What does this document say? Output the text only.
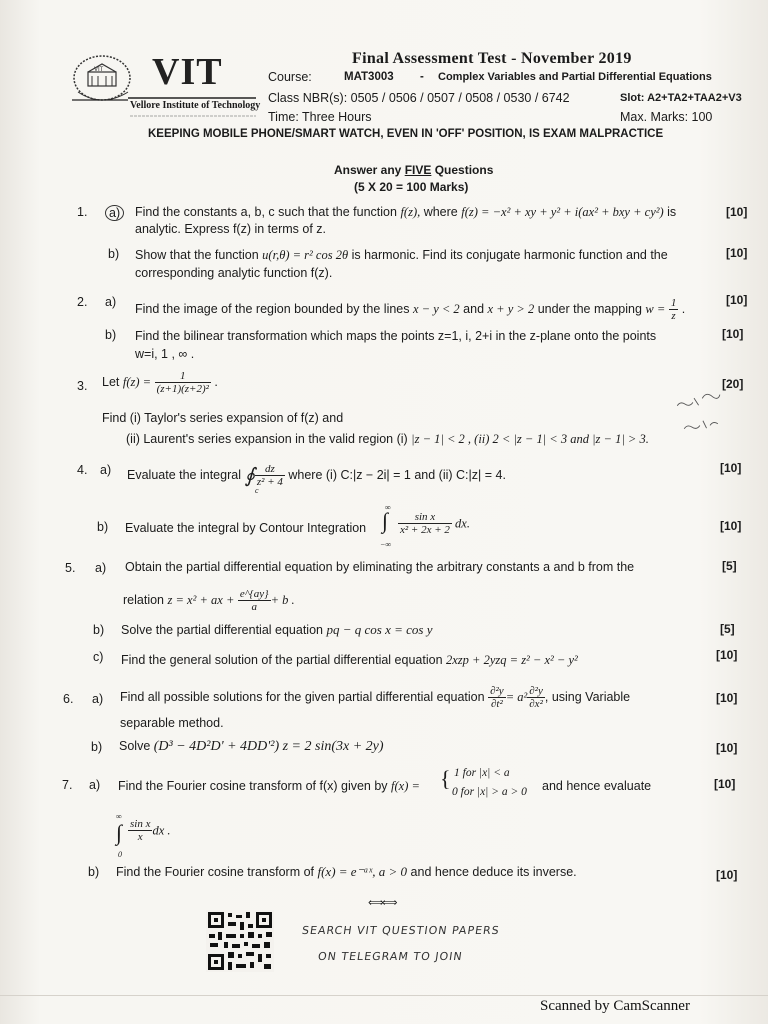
VIT VIT
Vellore Institute of Technology
Final Assessment Test - November 2019
Course:	MAT3003 - Complex Variables and Partial Differential Equations
Class NBR(s): 0505 / 0506 / 0507 / 0508 / 0530 / 6742	Slot: A2+TA2+TAA2+V3
Time: Three Hours	Max. Marks: 100
KEEPING MOBILE PHONE/SMART WATCH, EVEN IN 'OFF' POSITION, IS EXAM MALPRACTICE
Answer any FIVE Questions
(5 X 20 = 100 Marks)
1.	a)	Find the constants a, b, c such that the function f(z), where f(z) = −x² + xy + y² + i(ax² + bxy + cy²) is
analytic. Express f(z) in terms of z.
[10]
b) Show that the function u(r,θ) = r² cos 2θ is harmonic. Find its conjugate harmonic function and the
corresponding analytic function f(z).
[10]
2. a) Find the image of the region bounded by the lines x − y < 2 and x + y > 2 under the mapping $w = \frac{1}{z}$ .
[10]
b) Find the bilinear transformation which maps the points z=1, i, 2+i in the z-plane onto the points
w=i, 1 , ∞ .
[10]
3. Let $f(z) = \frac{1}{\text{(z+1)(z+2)²}}$ .	[20]
Find (i) Taylor's series expansion of f(z) and
(ii) Laurent's series expansion in the valid region (i) |z − 1| < 2 , (ii) 2 < |z − 1| < 3 and |z − 1| > 3.
4. a) Evaluate the integral ∮ $\frac{dz}{\text{z² + 4}}$ where (i) C:|z − 2i| = 1 and (ii) C:|z| = 4.
c
[10]
b) Evaluate the integral by Contour Integration ∫
∞
−∞
$\frac{\text{sin x}}{\text{x² + 2x + 2}}$ dx.	[10]
5. a) Obtain the partial differential equation by eliminating the arbitrary constants a and b from the
relation z = x² + ax + $\frac{e\^{}\{ay\}}{a} + b$ .
[5]
b) Solve the partial differential equation pq − q cos x = cos y	[5]
c) Find the general solution of the partial differential equation 2xzp + 2yzq = z² − x² − y²	[10]
6. a) Find all possible solutions for the given partial differential equation $\frac{\text{∂²y}}{\text{∂t²}} = a^2 \frac{\text{∂²y}}{\text{∂x²}}$ , using Variable
separable method.
[10]
b) Solve (D³ − 4D²D' + 4DD'²) z = 2 sin(3x + 2y)	[10]
7. a) Find the Fourier cosine transform of f(x) given by f(x) = { 1 for |x| < a
0 for |x| > a > 0 and hence evaluate	[10]
∞
∫
0
$\frac{\text{sin x}}{x}$ dx .
b) Find the Fourier cosine transform of f(x) = e⁻ᵃˣ, a > 0 and hence deduce its inverse.	[10]
⟺⟺
SEARCH VIT QUESTION PAPERS
ON TELEGRAM TO JOIN
Scanned by CamScanner
